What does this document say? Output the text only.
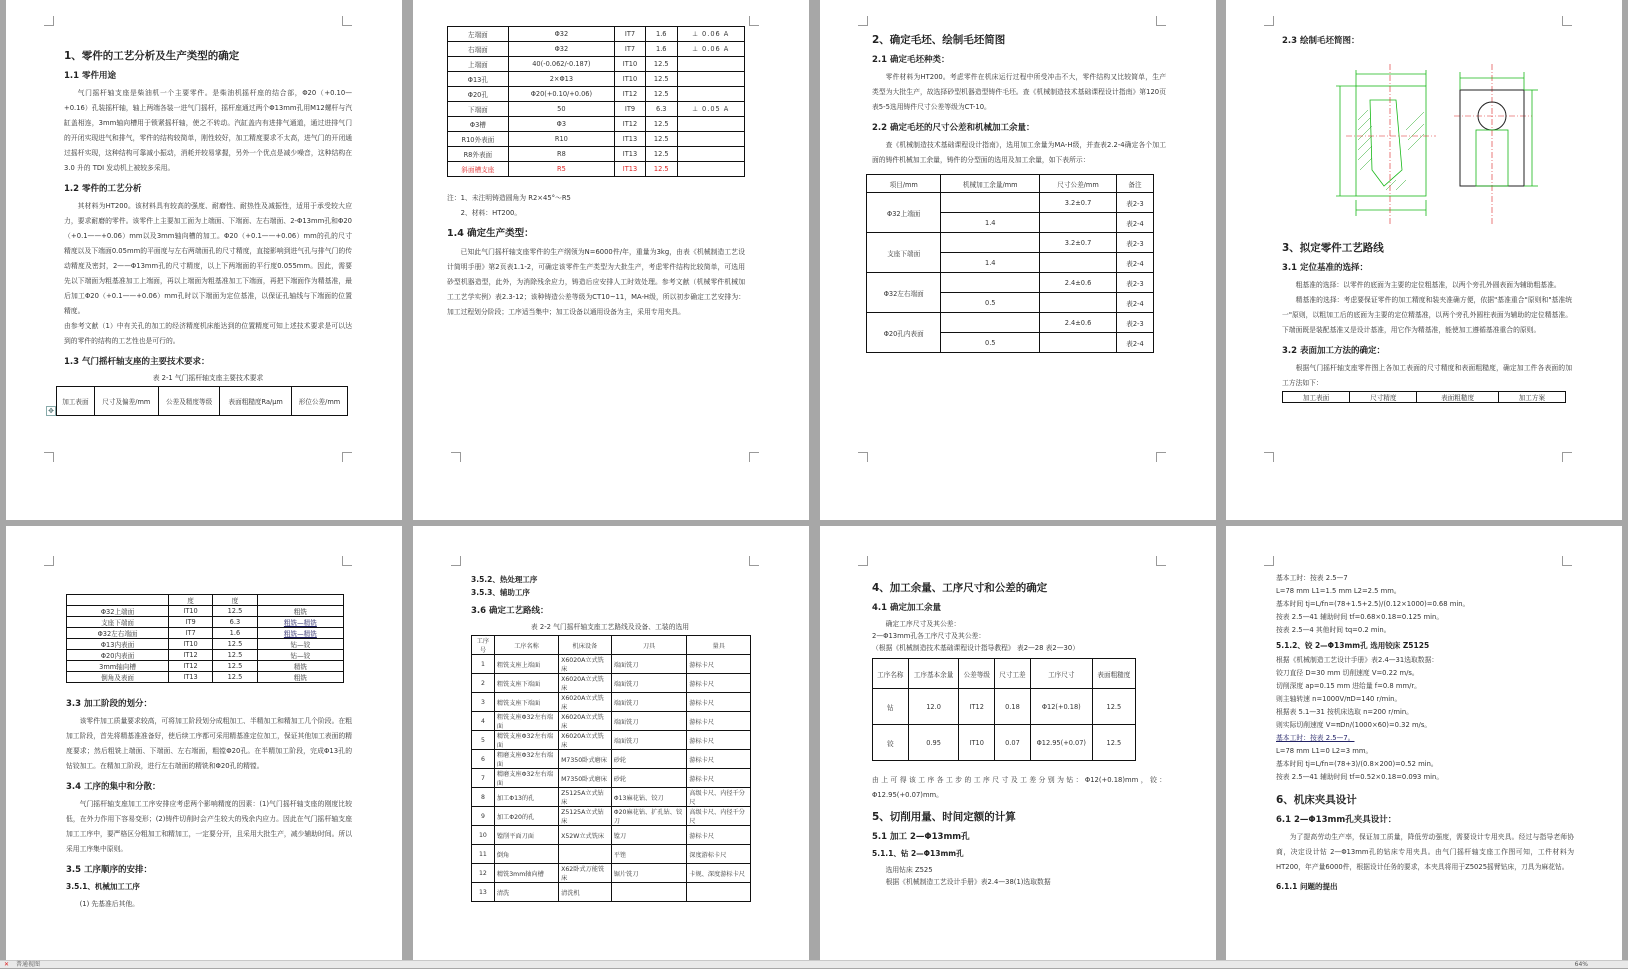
1、零件的工艺分析及生产类型的确定
1.1 零件用途
气门摇杆轴支座是柴油机一个主要零件。是柴油机摇杆座的结合部，Φ20（+0.10—+0.16）孔装摇杆轴，轴上两端各装一进气门摇杆，摇杆座通过两个Φ13mm孔用M12螺杆与汽缸盖相连，3mm轴向槽用于锁紧摇杆轴，使之不转动。汽缸盖内有进排气通道，通过进排气门的开闭实现进气和排气，零件的结构较简单，刚性较好，加工精度要求不太高，进气门的开闭通过摇杆实现，这种结构可靠减小振动，消耗并较易掌握，另外一个优点是减少噪音，这种结构在 3.0 升的 TDI 发动机上被较多采用。
1.2 零件的工艺分析
其材料为HT200。该材料具有较高的强度、耐磨性、耐热性及减振性，适用于承受较大应力，要求耐磨的零件。该零件上主要加工面为上端面、下端面、左右端面、2-Φ13mm孔和Φ20（+0.1——+0.06）mm以及3mm轴向槽的加工。Φ20（+0.1——+0.06）mm的孔的尺寸精度以及下端面0.05mm的平面度与左右两端面孔的尺寸精度，直接影响到进气孔与排气门的传动精度及密封，2——Φ13mm孔的尺寸精度，以上下两端面的平行度0.055mm。因此，需要先以下端面为粗基准加工上端面，再以上端面为粗基准加工下端面，再把下端面作为精基准，最后加工Φ20（+0.1——+0.06）mm孔时以下端面为定位基准，以保证孔轴线与下端面的位置精度。
由参考文献（1）中有关孔的加工的经济精度机床能达到的位置精度可知上述技术要求是可以达到的零件的结构的工艺性也是可行的。
1.3 气门摇杆轴支座的主要技术要求：
表 2-1 气门摇杆轴支座主要技术要求
加工表面	尺寸及偏差/mm	公差及精度等级	表面粗糙度Ra/μm	形位公差/mm
✥
左端面	Φ32	IT7	1.6	⊥ 0.06 A
右端面	Φ32	IT7	1.6	⊥ 0.06 A
上端面	40(-0.062/-0.187)	IT10	12.5	
Φ13孔	2×Φ13	IT10	12.5	
Φ20孔	Φ20(+0.10/+0.06)	IT12	12.5	
下端面	50	IT9	6.3	⊥ 0.05 A
Φ3槽	Φ3	IT12	12.5	
R10外表面	R10	IT13	12.5	
R8外表面	R8	IT13	12.5	
斜面槽支座	R5	IT13	12.5	
注：1、未注明铸造圆角为 R2×45°～R5
2、材料：HT200。
1.4 确定生产类型：
已知此气门摇杆轴支座零件的生产纲领为N=6000件/年，重量为3kg，由表《机械制造工艺设计简明手册》第2页表1.1-2，可确定该零件生产类型为大批生产，考虑零件结构比较简单，可选用砂型机器造型，此外，为消除残余应力，铸造后应安排人工时效处理。参考文献（机械零件机械加工工艺学实例）表2.3-12；该种铸造公差等级为CT10~11，MA-H级，所以初步确定工艺安排为：加工过程划分阶段；工序适当集中；加工设备以通用设备为主，采用专用夹具。
2、确定毛坯、绘制毛坯简图
2.1 确定毛坯种类：
零件材料为HT200。考虑零件在机床运行过程中所受冲击不大，零件结构又比较简单，生产类型为大批生产，故选择砂型机器造型铸件毛坯。查《机械制造技术基础课程设计指南》第120页表5-5选用铸件尺寸公差等级为CT-10。
2.2 确定毛坯的尺寸公差和机械加工余量：
查《机械制造技术基础课程设计指南》，选用加工余量为MA-H级，并查表2.2-4确定各个加工面的铸件机械加工余量，铸件的分型面的选用及加工余量，如下表所示：
项目/mm	机械加工余量/mm	尺寸公差/mm	备注
Φ32上端面		3.2±0.7	表2-3
	1.4		表2-4
支座下端面		3.2±0.7	表2-3
	1.4		表2-4
Φ32左右端面		2.4±0.6	表2-3
	0.5		表2-4
Φ20孔内表面		2.4±0.6	表2-3
	0.5		表2-4
2.3 绘制毛坯简图：
3、拟定零件工艺路线
3.1 定位基准的选择：
粗基准的选择：以零件的底面为主要的定位粗基准，以两个旁孔外圆表面为辅助粗基准。
精基准的选择：考虑要保证零件的加工精度和装夹准确方便，依据"基准重合"原则和"基准统一"原则，以粗加工后的底面为主要的定位精基准，以两个旁孔外圆柱表面为辅助的定位精基准。下端面既是装配基准又是设计基准，用它作为精基准，能使加工遵循基准重合的原则。
3.2 表面加工方法的确定：
根据气门摇杆轴支座零件图上各加工表面的尺寸精度和表面粗糙度，确定加工件各表面的加工方法如下：
加工表面	尺寸精度	表面粗糙度	加工方案
	度	度	
Φ32上端面	IT10	12.5	粗铣
支座下端面	IT9	6.3	粗铣—精铣
Φ32左右端面	IT7	1.6	粗铣—精铣
Φ13内表面	IT10	12.5	钻—铰
Φ20内表面	IT12	12.5	钻—铰
3mm轴向槽	IT12	12.5	精铣
倒角及表面	IT13	12.5	粗铣
3.3 加工阶段的划分：
该零件加工质量要求较高，可将加工阶段划分成粗加工、半精加工和精加工几个阶段。在粗加工阶段，首先将精基准准备好，使后续工序都可采用精基准定位加工，保证其他加工表面的精度要求；然后粗铣上端面、下端面、左右端面，粗镗Φ20孔。在半精加工阶段，完成Φ13孔的钻铰加工。在精加工阶段，进行左右端面的精铣和Φ20孔的精镗。
3.4 工序的集中和分散：
气门摇杆轴支座加工工序安排应考虑两个影响精度的因素：(1)气门摇杆轴支座的刚度比较低，在外力作用下容易变形；(2)铸件切削时会产生较大的残余内应力。因此在气门摇杆轴支座加工工序中，要严格区分粗加工和精加工，一定要分开，且采用大批生产，减少辅助时间。所以采用工序集中原则。
3.5 工序顺序的安排：
3.5.1、机械加工工序
(1) 先基准后其他。
3.5.2、热处理工序
3.5.3、辅助工序
3.6 确定工艺路线：
表 2-2 气门摇杆轴支座工艺路线及设备、工装的选用
工序号	工序名称	机床设备	刀具	量具
1	粗铣支座上端面	X6020A立式铣床	端面铣刀	游标卡尺
2	粗铣支座下端面	X6020A立式铣床	端面铣刀	游标卡尺
3	精铣支座下端面	X6020A立式铣床	端面铣刀	游标卡尺
4	粗铣支座Φ32左右端面	X6020A立式铣床	端面铣刀	游标卡尺
5	精铣支座Φ32左右端面	X6020A立式铣床	端面铣刀	游标卡尺
6	粗磨支座Φ32左右端面	M7350卧式磨床	砂轮	游标卡尺
7	精磨支座Φ32左右端面	M7350卧式磨床	砂轮	游标卡尺
8	加工Φ13的孔	Z5125A立式钻床	Φ13麻花钻、铰刀	高级卡尺、内径千分尺
9	加工Φ20的孔	Z5125A立式钻床	Φ20麻花钻、扩孔钻、铰刀	高级卡尺、内径千分尺
10	镗削平面刀面	X52W立式铣床	镗刀	游标卡尺
11	倒角		平锉	深度游标卡尺
12	精铣3mm轴向槽	X62卧式万能铣床	锯片铣刀	卡规、深度游标卡尺
13	清洗	清洗机		
4、加工余量、工序尺寸和公差的确定
4.1 确定加工余量
确定工序尺寸及其公差：
2—Φ13mm孔各工序尺寸及其公差：
（根据《机械制造技术基础课程设计指导教程》 表2—28 表2—30）
工序名称	工序基本余量	公差等级	尺寸工差	工序尺寸	表面粗糙度
钻	12.0	IT12	0.18	Φ12(+0.18)	12.5
铰	0.95	IT10	0.07	Φ12.95(+0.07)	12.5
由上可得该工序各工步的工序尺寸及工差分别为钻：Φ12(+0.18)mm，铰：Φ12.95(+0.07)mm。
5、切削用量、时间定额的计算
5.1 加工 2—Φ13mm孔
5.1.1、钻 2—Φ13mm孔
选用钻床 Z525
根据《机械制造工艺设计手册》表2.4—38(1)选取数据
基本工时：按表 2.5—7
L=78 mm L1=1.5 mm L2=2.5 mm。
基本时间 tj=L/fn=(78+1.5+2.5)/(0.12×1000)=0.68 min。
按表 2.5—41 辅助时间 tf=0.68×0.18=0.125 min。
按表 2.5—4 其他时间 tq=0.2 min。
5.1.2、铰 2—Φ13mm孔 选用铰床 Z5125
根据《机械制造工艺设计手册》表2.4—31选取数据：
铰刀直径 D=30 mm 切削速度 V=0.22 m/s。
切削深度 ap=0.15 mm 进给量 f=0.8 mm/r。
则主轴转速 n=1000V/πD=140 r/min。
根据表 5.1—31 按机床选取 n=200 r/min。
则实际切削速度 V=πDn/(1000×60)=0.32 m/s。
基本工时：按表 2.5—7。
L=78 mm L1=0 L2=3 mm。
基本时间 tj=L/fn=(78+3)/(0.8×200)=0.52 min。
按表 2.5—41 辅助时间 tf=0.52×0.18=0.093 min。
6、机床夹具设计
6.1 2—Φ13mm孔夹具设计：
为了提高劳动生产率，保证加工质量，降低劳动强度，需要设计专用夹具。经过与指导老师协商，决定设计钻 2—Φ13mm孔的钻床专用夹具。由气门摇杆轴支座工作图可知，工件材料为HT200，年产量6000件，根据设计任务的要求，本夹具将用于Z5025摇臂钻床，刀具为麻花钻。
6.1.1 问题的提出
✕ 普通视图	64%
